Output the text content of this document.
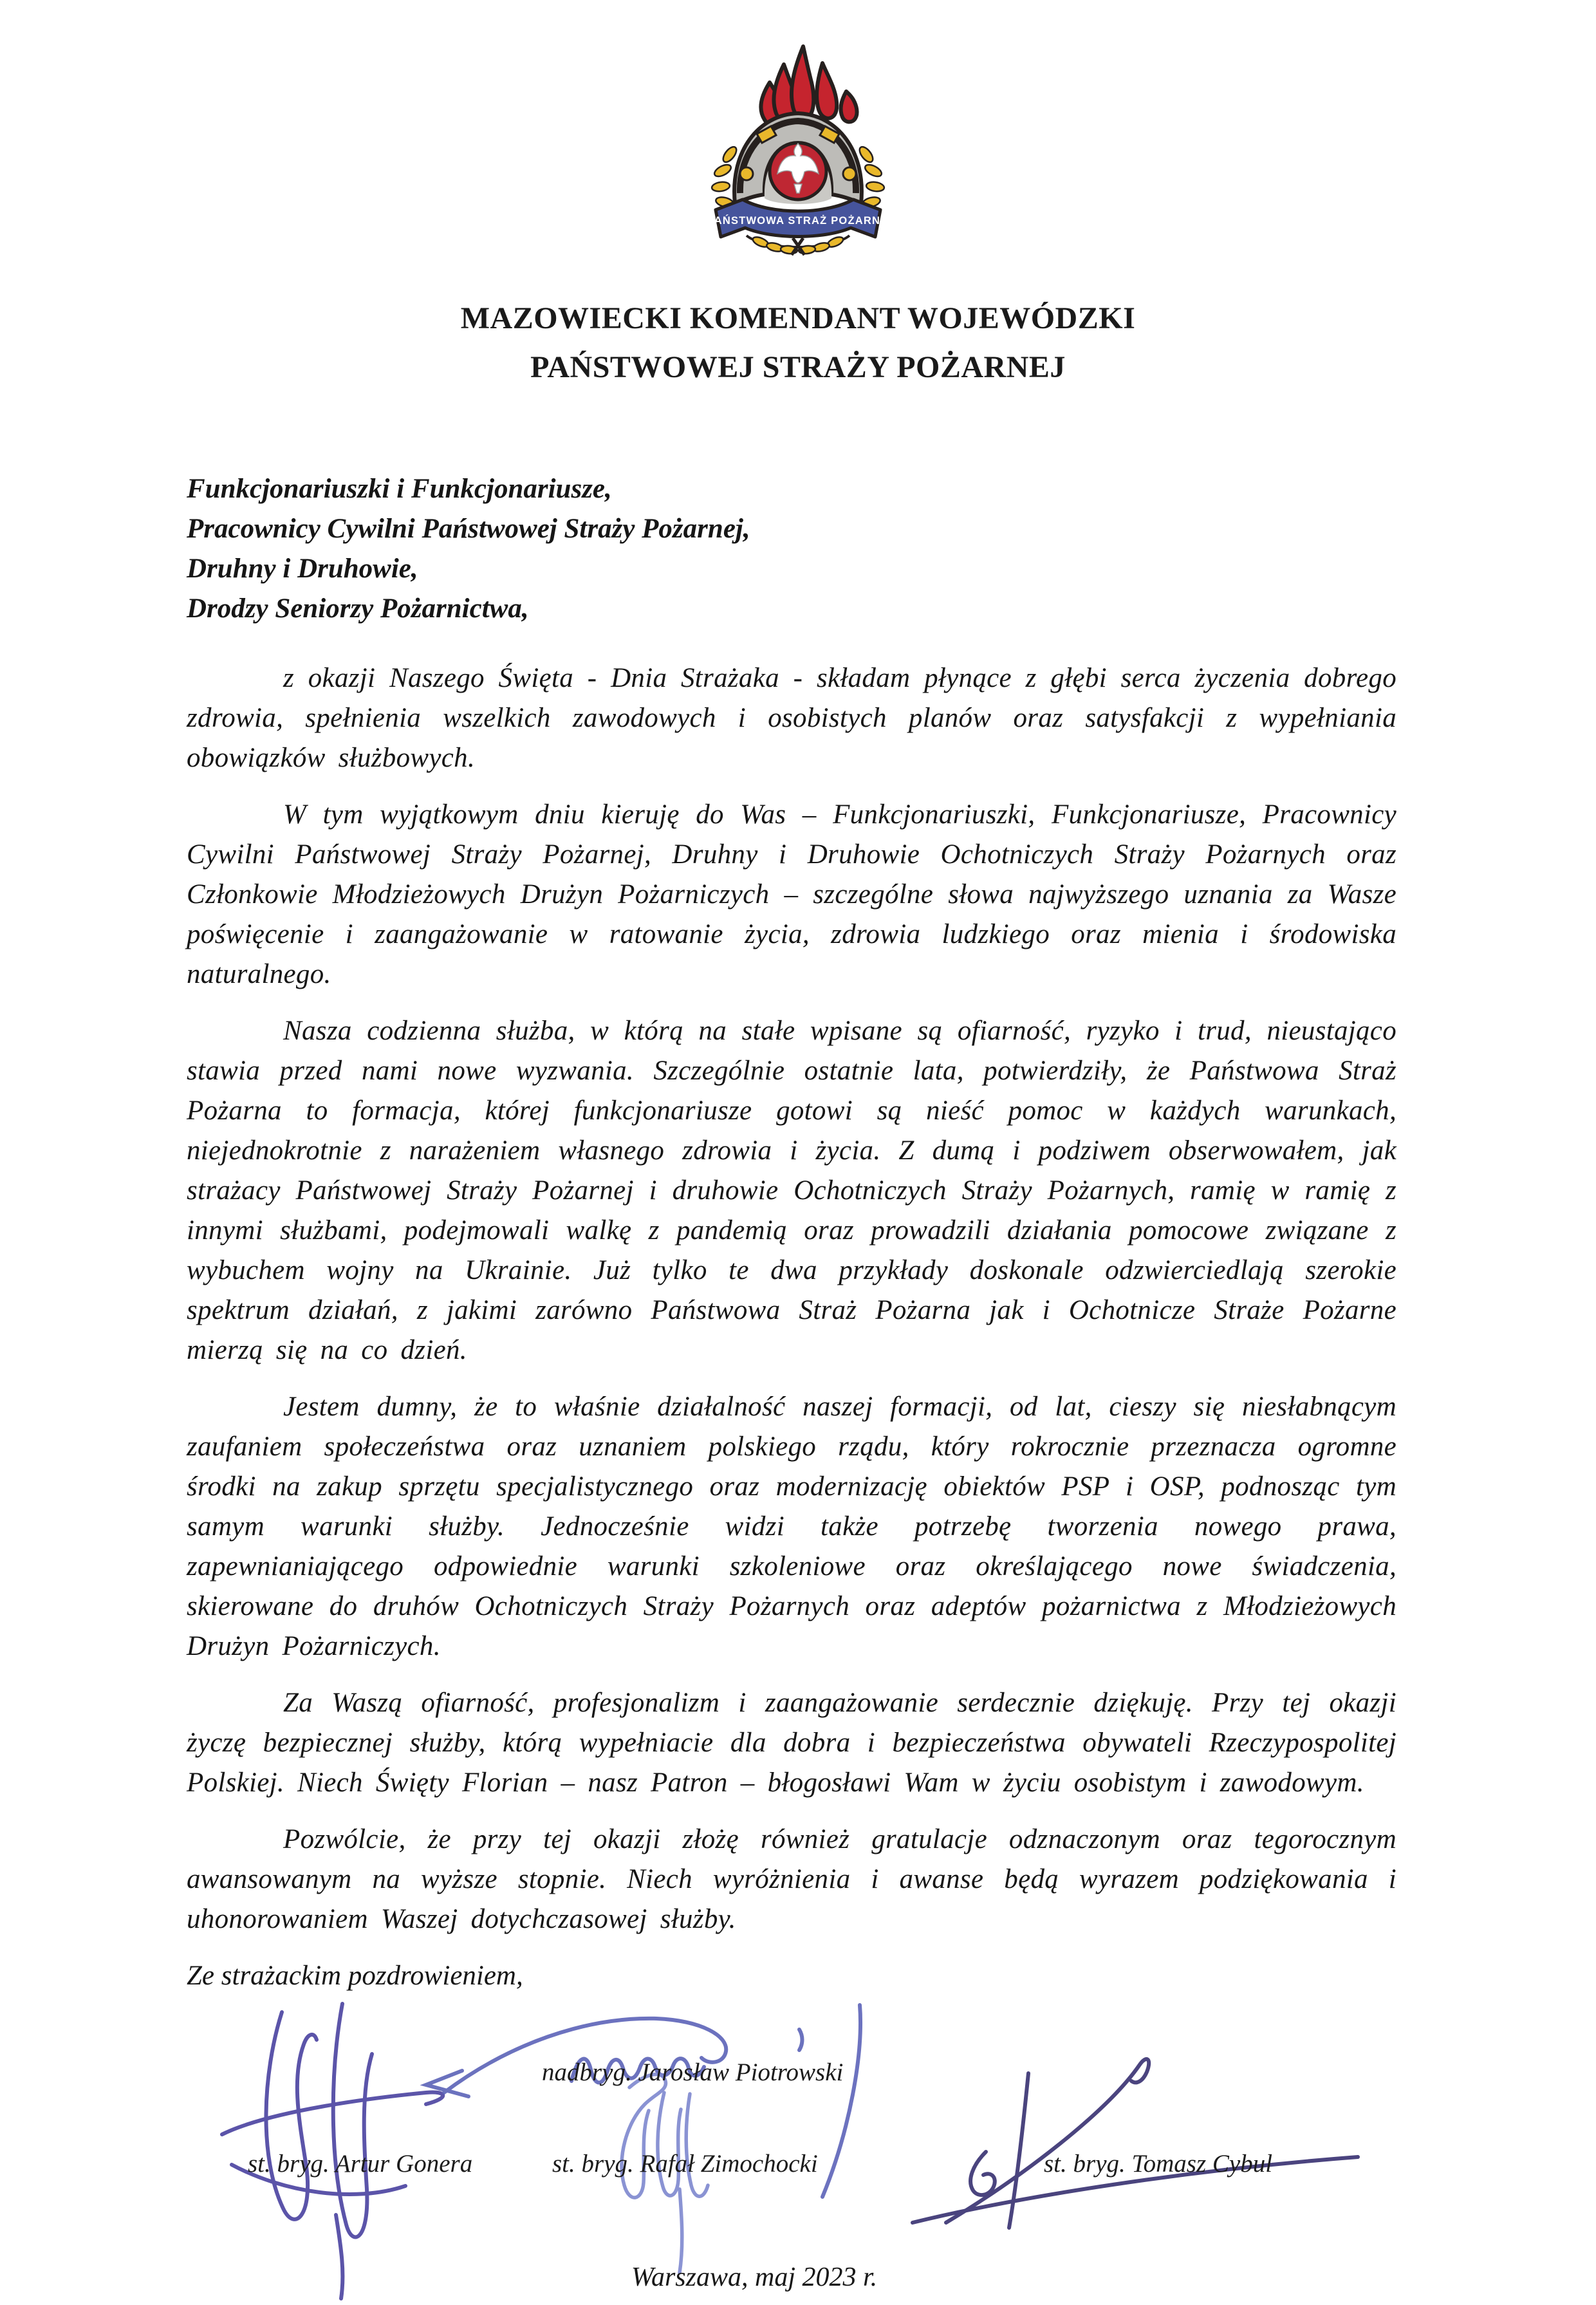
PAŃSTWOWA STRAŻ POŻARNA
MAZOWIECKI KOMENDANT WOJEWÓDZKI
PAŃSTWOWEJ STRAŻY POŻARNEJ
Funkcjonariuszki i Funkcjonariusze,
Pracownicy Cywilni Państwowej Straży Pożarnej,
Druhny i Druhowie,
Drodzy Seniorzy Pożarnictwa,

z okazji Naszego Święta - Dnia Strażaka - składam płynące z głębi serca życzenia dobrego zdrowia, spełnienia wszelkich zawodowych i osobistych planów oraz satysfakcji z wypełniania obowiązków służbowych.

W tym wyjątkowym dniu kieruję do Was – Funkcjonariuszki, Funkcjonariusze, Pracownicy Cywilni Państwowej Straży Pożarnej, Druhny i Druhowie Ochotniczych Straży Pożarnych oraz Członkowie Młodzieżowych Drużyn Pożarniczych – szczególne słowa najwyższego uznania za Wasze poświęcenie i zaangażowanie w ratowanie życia, zdrowia ludzkiego oraz mienia i środowiska naturalnego.

Nasza codzienna służba, w którą na stałe wpisane są ofiarność, ryzyko i trud, nieustająco stawia przed nami nowe wyzwania. Szczególnie ostatnie lata, potwierdziły, że Państwowa Straż Pożarna to formacja, której funkcjonariusze gotowi są nieść pomoc w każdych warunkach, niejednokrotnie z narażeniem własnego zdrowia i życia. Z dumą i podziwem obserwowałem, jak strażacy Państwowej Straży Pożarnej i druhowie Ochotniczych Straży Pożarnych, ramię w ramię z innymi służbami, podejmowali walkę z pandemią oraz prowadzili działania pomocowe związane z wybuchem wojny na Ukrainie. Już tylko te dwa przykłady doskonale odzwierciedlają szerokie spektrum działań, z jakimi zarówno Państwowa Straż Pożarna jak i Ochotnicze Straże Pożarne mierzą się na co dzień.

Jestem dumny, że to właśnie działalność naszej formacji, od lat, cieszy się niesłabnącym zaufaniem społeczeństwa oraz uznaniem polskiego rządu, który rokrocznie przeznacza ogromne środki na zakup sprzętu specjalistycznego oraz modernizację obiektów PSP i OSP, podnosząc tym samym warunki służby. Jednocześnie widzi także potrzebę tworzenia nowego prawa, zapewnianiającego odpowiednie warunki szkoleniowe oraz określającego nowe świadczenia, skierowane do druhów Ochotniczych Straży Pożarnych oraz adeptów pożarnictwa z Młodzieżowych Drużyn Pożarniczych.

Za Waszą ofiarność, profesjonalizm i zaangażowanie serdecznie dziękuję. Przy tej okazji życzę bezpiecznej służby, którą wypełniacie dla dobra i bezpieczeństwa obywateli Rzeczypospolitej Polskiej. Niech Święty Florian – nasz Patron – błogosławi Wam w życiu osobistym i zawodowym.

Pozwólcie, że przy tej okazji złożę również gratulacje odznaczonym oraz tegorocznym awansowanym na wyższe stopnie. Niech wyróżnienia i awanse będą wyrazem podziękowania i uhonorowaniem Waszej dotychczasowej służby.

Ze strażackim pozdrowieniem,
nadbryg. Jarosław Piotrowski
st. bryg. Artur Gonera	st. bryg. Rafał Zimochocki	st. bryg. Tomasz Cybul
Warszawa, maj 2023 r.
